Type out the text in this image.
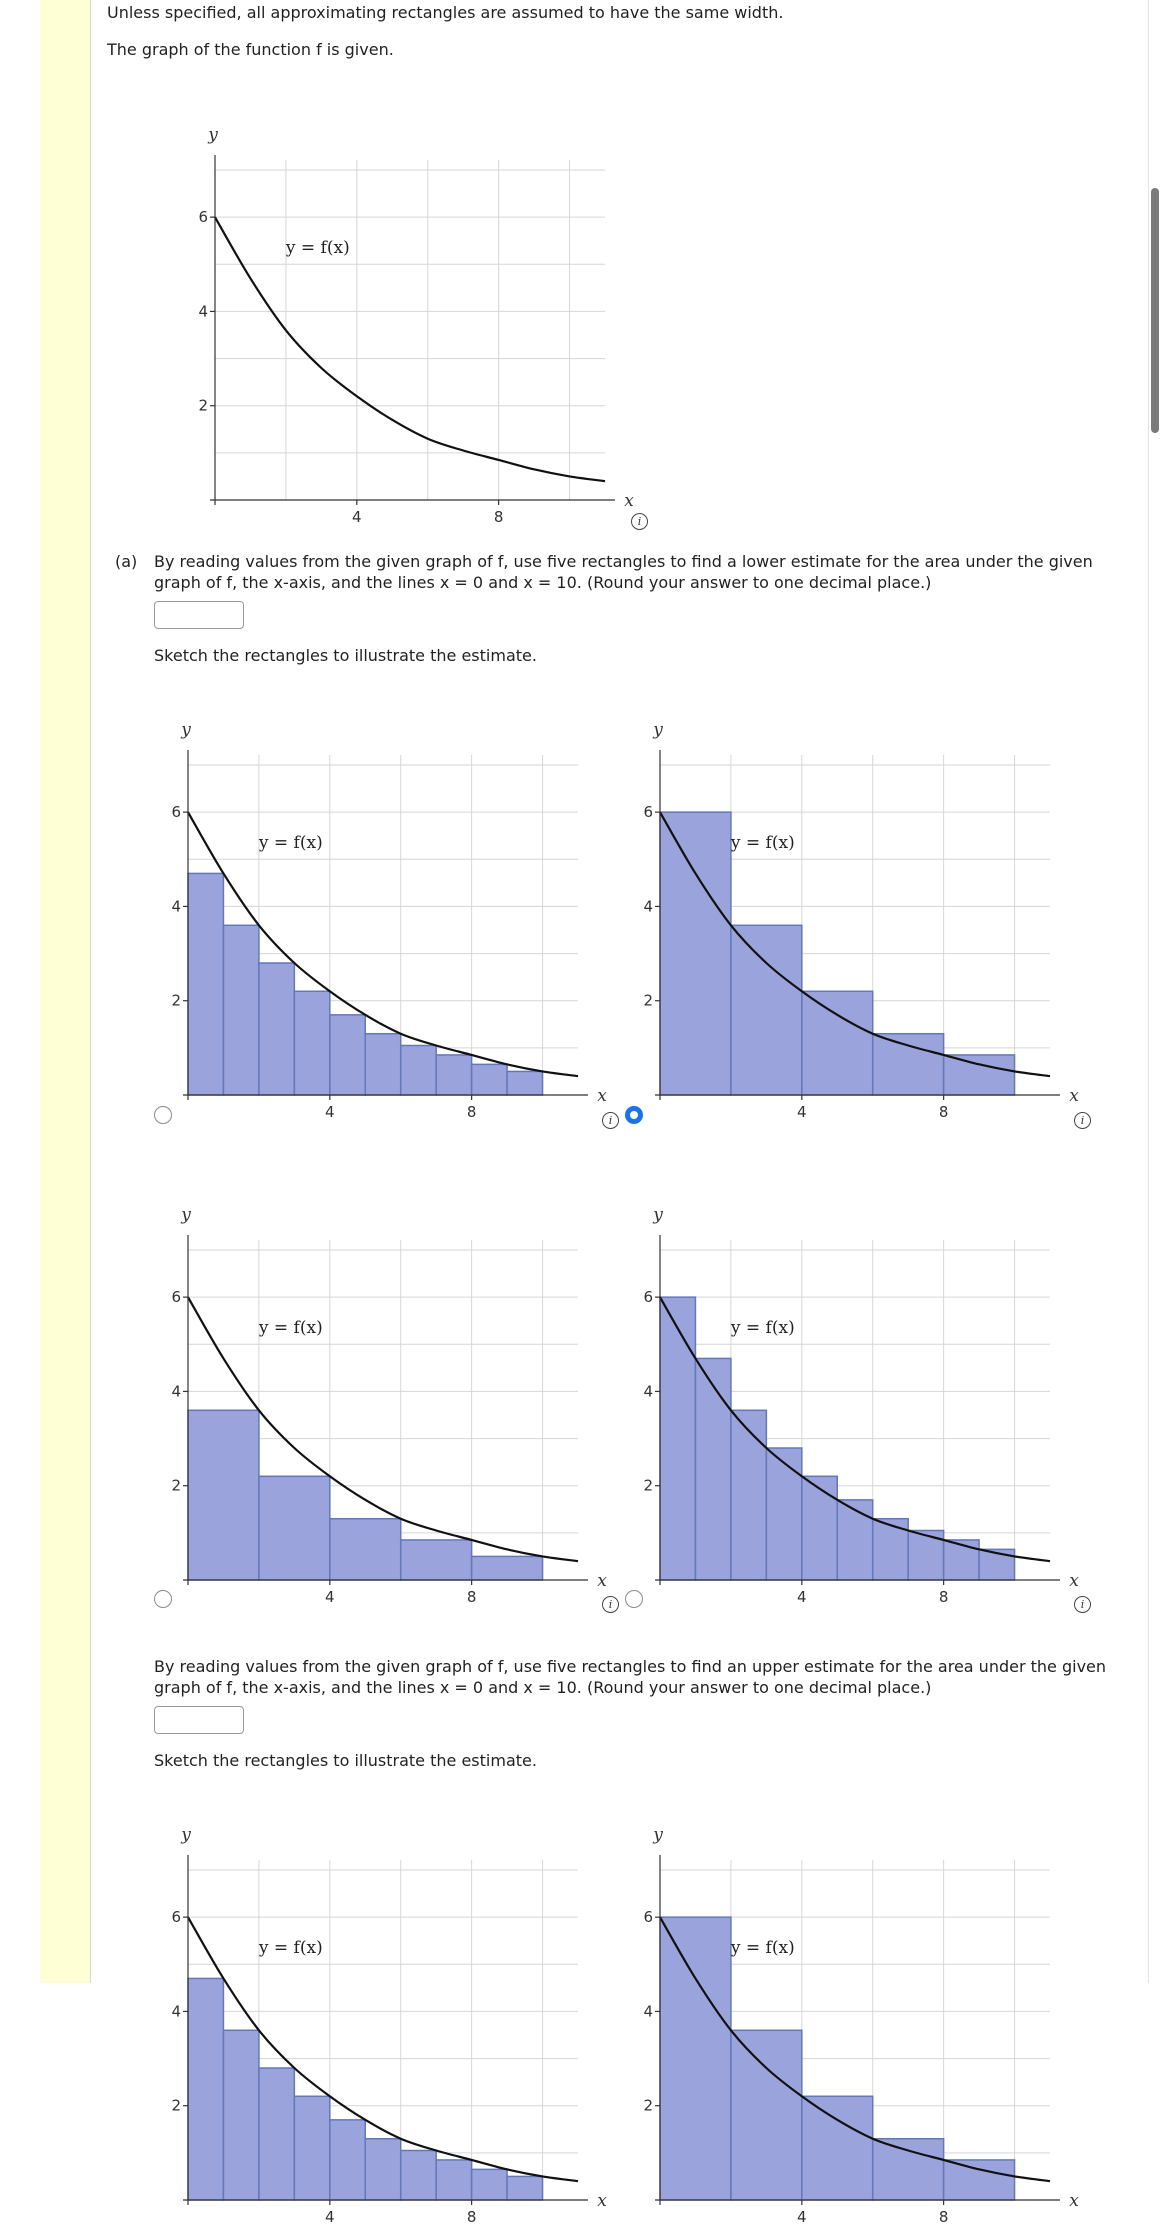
Unless specified, all approximating rectangles are assumed to have the same width.
The graph of the function f is given.
4	8
2
4
6
y
x
y = f(x)
i
(a) By reading values from the given graph of f, use five rectangles to find a lower estimate for the area under the given graph of f, the x-axis, and the lines x = 0 and x = 10. (Round your answer to one decimal place.)
Sketch the rectangles to illustrate the estimate.
4	8
2
4
6
y
x
y = f(x)
i	4	8
2
4
6
y
x
y = f(x)
i
4	8
2
4
6
y
x
y = f(x)
i	4	8
2
4
6
y
x
y = f(x)
i
By reading values from the given graph of f, use five rectangles to find an upper estimate for the area under the given graph of f, the x-axis, and the lines x = 0 and x = 10. (Round your answer to one decimal place.)
Sketch the rectangles to illustrate the estimate.
4	8
2
4
6
y
x
y = f(x)
4	8
2
4
6
y
x
y = f(x)
